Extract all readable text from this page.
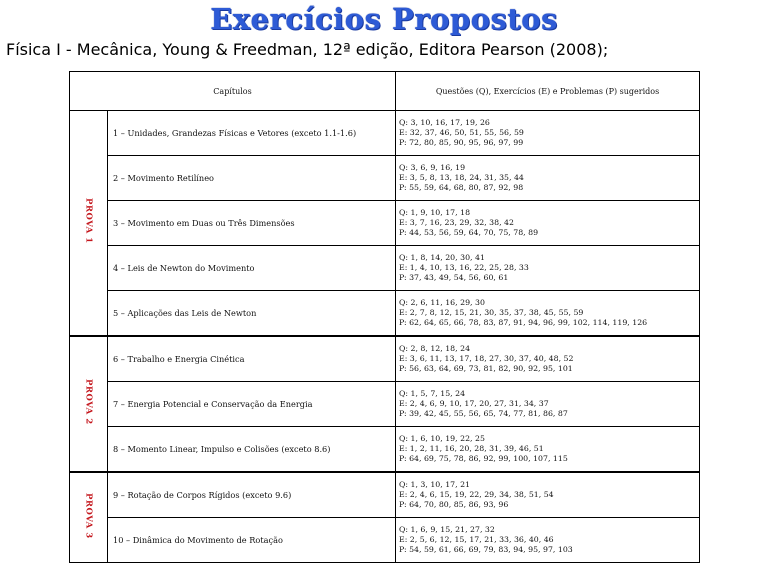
Exercícios Propostos
Física I - Mecânica, Young & Freedman, 12ª edição, Editora Pearson (2008);
Capítulos		Questões (Q), Exercícios (E) e Problemas (P) sugeridos
PROVA 1	1 – Unidades, Grandezas Físicas e Vetores (exceto 1.1-1.6)	Q: 3, 10, 16, 17, 19, 26
E: 32, 37, 46, 50, 51, 55, 56, 59
P: 72, 80, 85, 90, 95, 96, 97, 99

	2 – Movimento Retilíneo	Q: 3, 6, 9, 16, 19
E: 3, 5, 8, 13, 18, 24, 31, 35, 44
P: 55, 59, 64, 68, 80, 87, 92, 98

	3 – Movimento em Duas ou Três Dimensões	Q: 1, 9, 10, 17, 18
E: 3, 7, 16, 23, 29, 32, 38, 42
P: 44, 53, 56, 59, 64, 70, 75, 78, 89

	4 – Leis de Newton do Movimento	Q: 1, 8, 14, 20, 30, 41
E: 1, 4, 10, 13, 16, 22, 25, 28, 33
P: 37, 43, 49, 54, 56, 60, 61

	5 – Aplicações das Leis de Newton	Q: 2, 6, 11, 16, 29, 30
E: 2, 7, 8, 12, 15, 21, 30, 35, 37, 38, 45, 55, 59
P: 62, 64, 65, 66, 78, 83, 87, 91, 94, 96, 99, 102, 114, 119, 126

PROVA 2	6 – Trabalho e Energia Cinética	Q: 2, 8, 12, 18, 24
E: 3, 6, 11, 13, 17, 18, 27, 30, 37, 40, 48, 52
P: 56, 63, 64, 69, 73, 81, 82, 90, 92, 95, 101

	7 – Energia Potencial e Conservação da Energia	Q: 1, 5, 7, 15, 24
E: 2, 4, 6, 9, 10, 17, 20, 27, 31, 34, 37
P: 39, 42, 45, 55, 56, 65, 74, 77, 81, 86, 87

	8 – Momento Linear, Impulso e Colisões (exceto 8.6)	Q: 1, 6, 10, 19, 22, 25
E: 1, 2, 11, 16, 20, 28, 31, 39, 46, 51
P: 64, 69, 75, 78, 86, 92, 99, 100, 107, 115

PROVA 3	9 – Rotação de Corpos Rígidos (exceto 9.6)	Q: 1, 3, 10, 17, 21
E: 2, 4, 6, 15, 19, 22, 29, 34, 38, 51, 54
P: 64, 70, 80, 85, 86, 93, 96

	10 – Dinâmica do Movimento de Rotação	Q: 1, 6, 9, 15, 21, 27, 32
E: 2, 5, 6, 12, 15, 17, 21, 33, 36, 40, 46
P: 54, 59, 61, 66, 69, 79, 83, 94, 95, 97, 103
